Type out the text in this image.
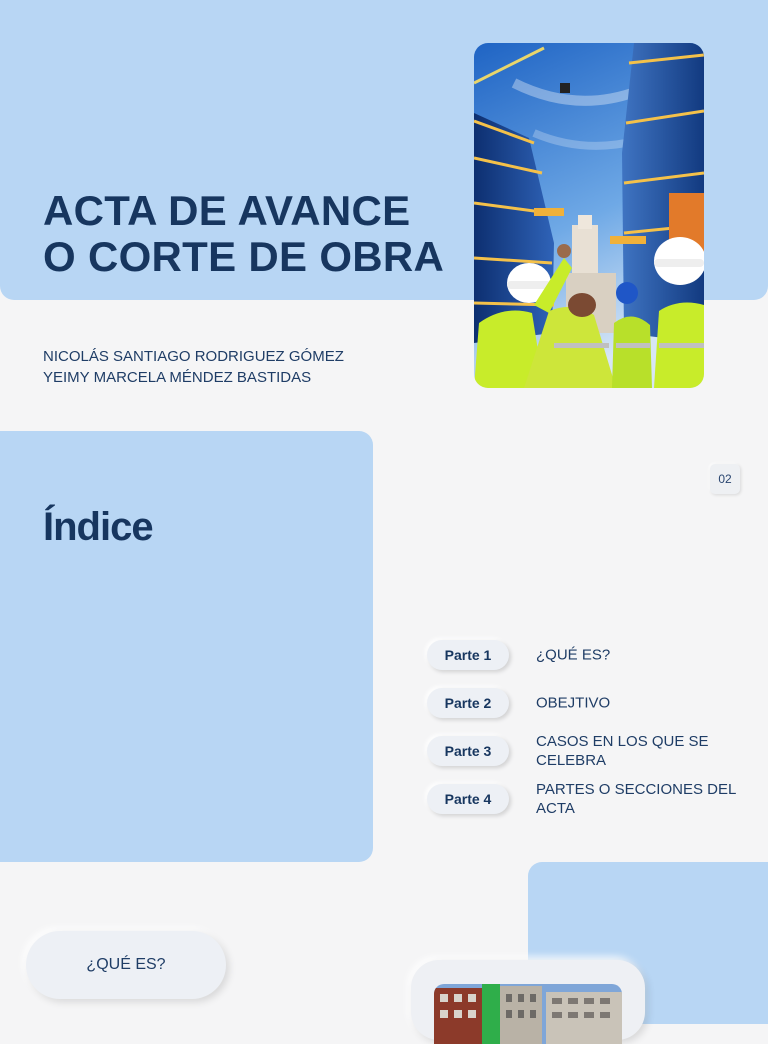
ACTA DE AVANCE
O CORTE DE OBRA
NICOLÁS SANTIAGO RODRIGUEZ GÓMEZ
YEIMY MARCELA MÉNDEZ BASTIDAS
Índice
02
Parte 1	¿QUÉ ES?
Parte 2	OBEJTIVO
Parte 3
CASOS EN LOS QUE SE CELEBRA
Parte 4
PARTES O SECCIONES DEL ACTA
¿QUÉ ES?
